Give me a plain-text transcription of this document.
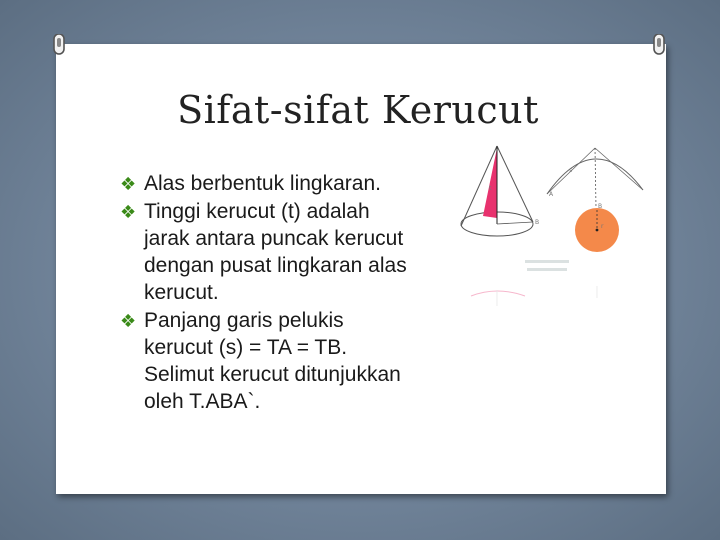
Sifat-sifat Kerucut
❖ Alas berbentuk lingkaran.
❖ Tinggi kerucut (t) adalah
jarak antara puncak kerucut
dengan pusat lingkaran alas
kerucut.
❖ Panjang garis pelukis
kerucut (s) = TA = TB.
Selimut kerucut ditunjukkan
oleh T.ABA`.
t
B
A
B
s
r
